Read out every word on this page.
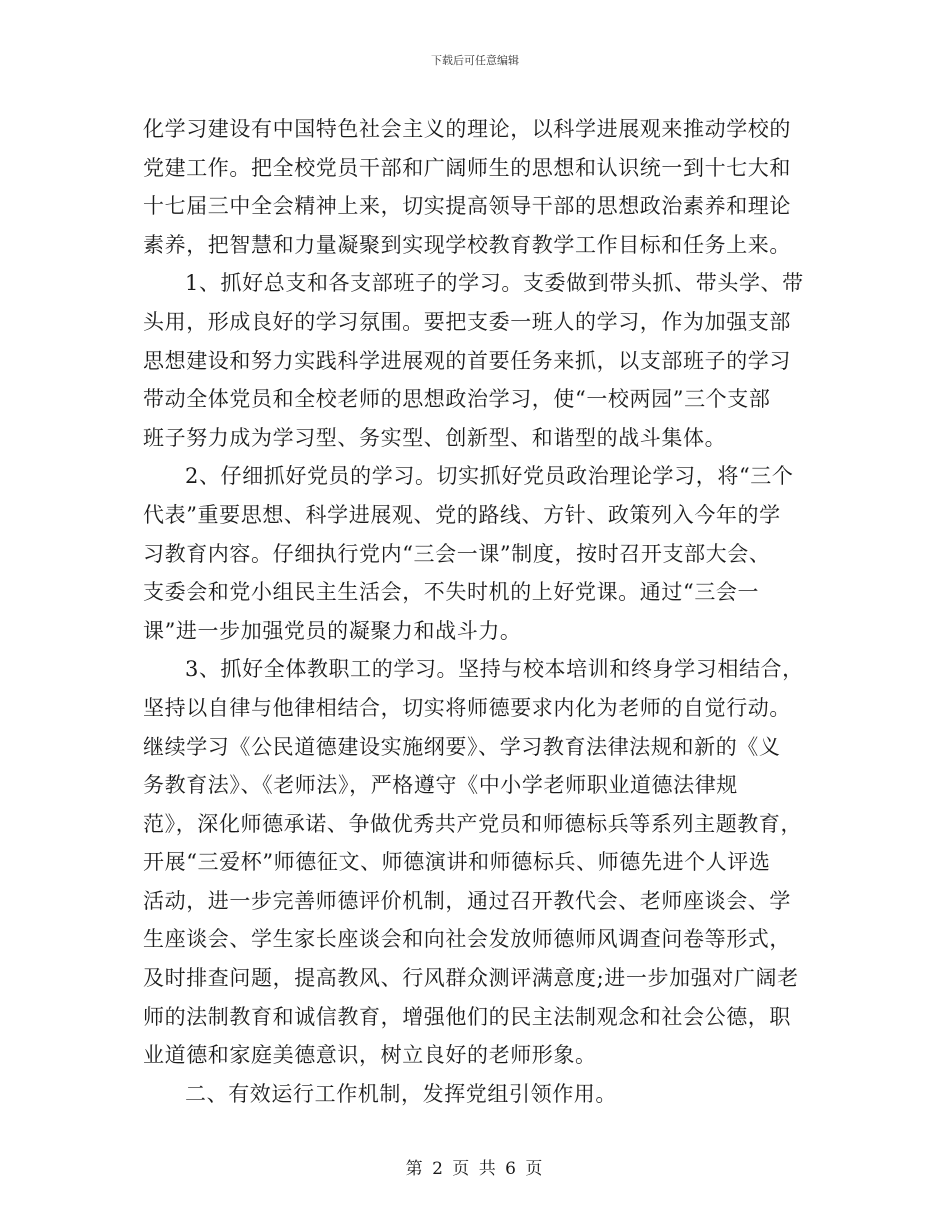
下载后可任意编辑
化学习建设有中国特色社会主义的理论，以科学进展观来推动学校的
党建工作。把全校党员干部和广阔师生的思想和认识统一到十七大和
十七届三中全会精神上来，切实提高领导干部的思想政治素养和理论
素养，把智慧和力量凝聚到实现学校教育教学工作目标和任务上来。
1、抓好总支和各支部班子的学习。支委做到带头抓、带头学、带
头用，形成良好的学习氛围。要把支委一班人的学习，作为加强支部
思想建设和努力实践科学进展观的首要任务来抓，以支部班子的学习
带动全体党员和全校老师的思想政治学习，使“一校两园”三个支部
班子努力成为学习型、务实型、创新型、和谐型的战斗集体。
2、仔细抓好党员的学习。切实抓好党员政治理论学习，将“三个
代表”重要思想、科学进展观、党的路线、方针、政策列入今年的学
习教育内容。仔细执行党内“三会一课”制度，按时召开支部大会、
支委会和党小组民主生活会，不失时机的上好党课。通过“三会一
课”进一步加强党员的凝聚力和战斗力。
3、抓好全体教职工的学习。坚持与校本培训和终身学习相结合，
坚持以自律与他律相结合，切实将师德要求内化为老师的自觉行动。
继续学习《公民道德建设实施纲要》、学习教育法律法规和新的《义
务教育法》、《老师法》，严格遵守《中小学老师职业道德法律规
范》，深化师德承诺、争做优秀共产党员和师德标兵等系列主题教育，
开展“三爱杯”师德征文、师德演讲和师德标兵、师德先进个人评选
活动，进一步完善师德评价机制，通过召开教代会、老师座谈会、学
生座谈会、学生家长座谈会和向社会发放师德师风调查问卷等形式，
及时排查问题，提高教风、行风群众测评满意度;进一步加强对广阔老
师的法制教育和诚信教育，增强他们的民主法制观念和社会公德，职
业道德和家庭美德意识，树立良好的老师形象。
二、有效运行工作机制，发挥党组引领作用。
第 2 页 共 6 页
